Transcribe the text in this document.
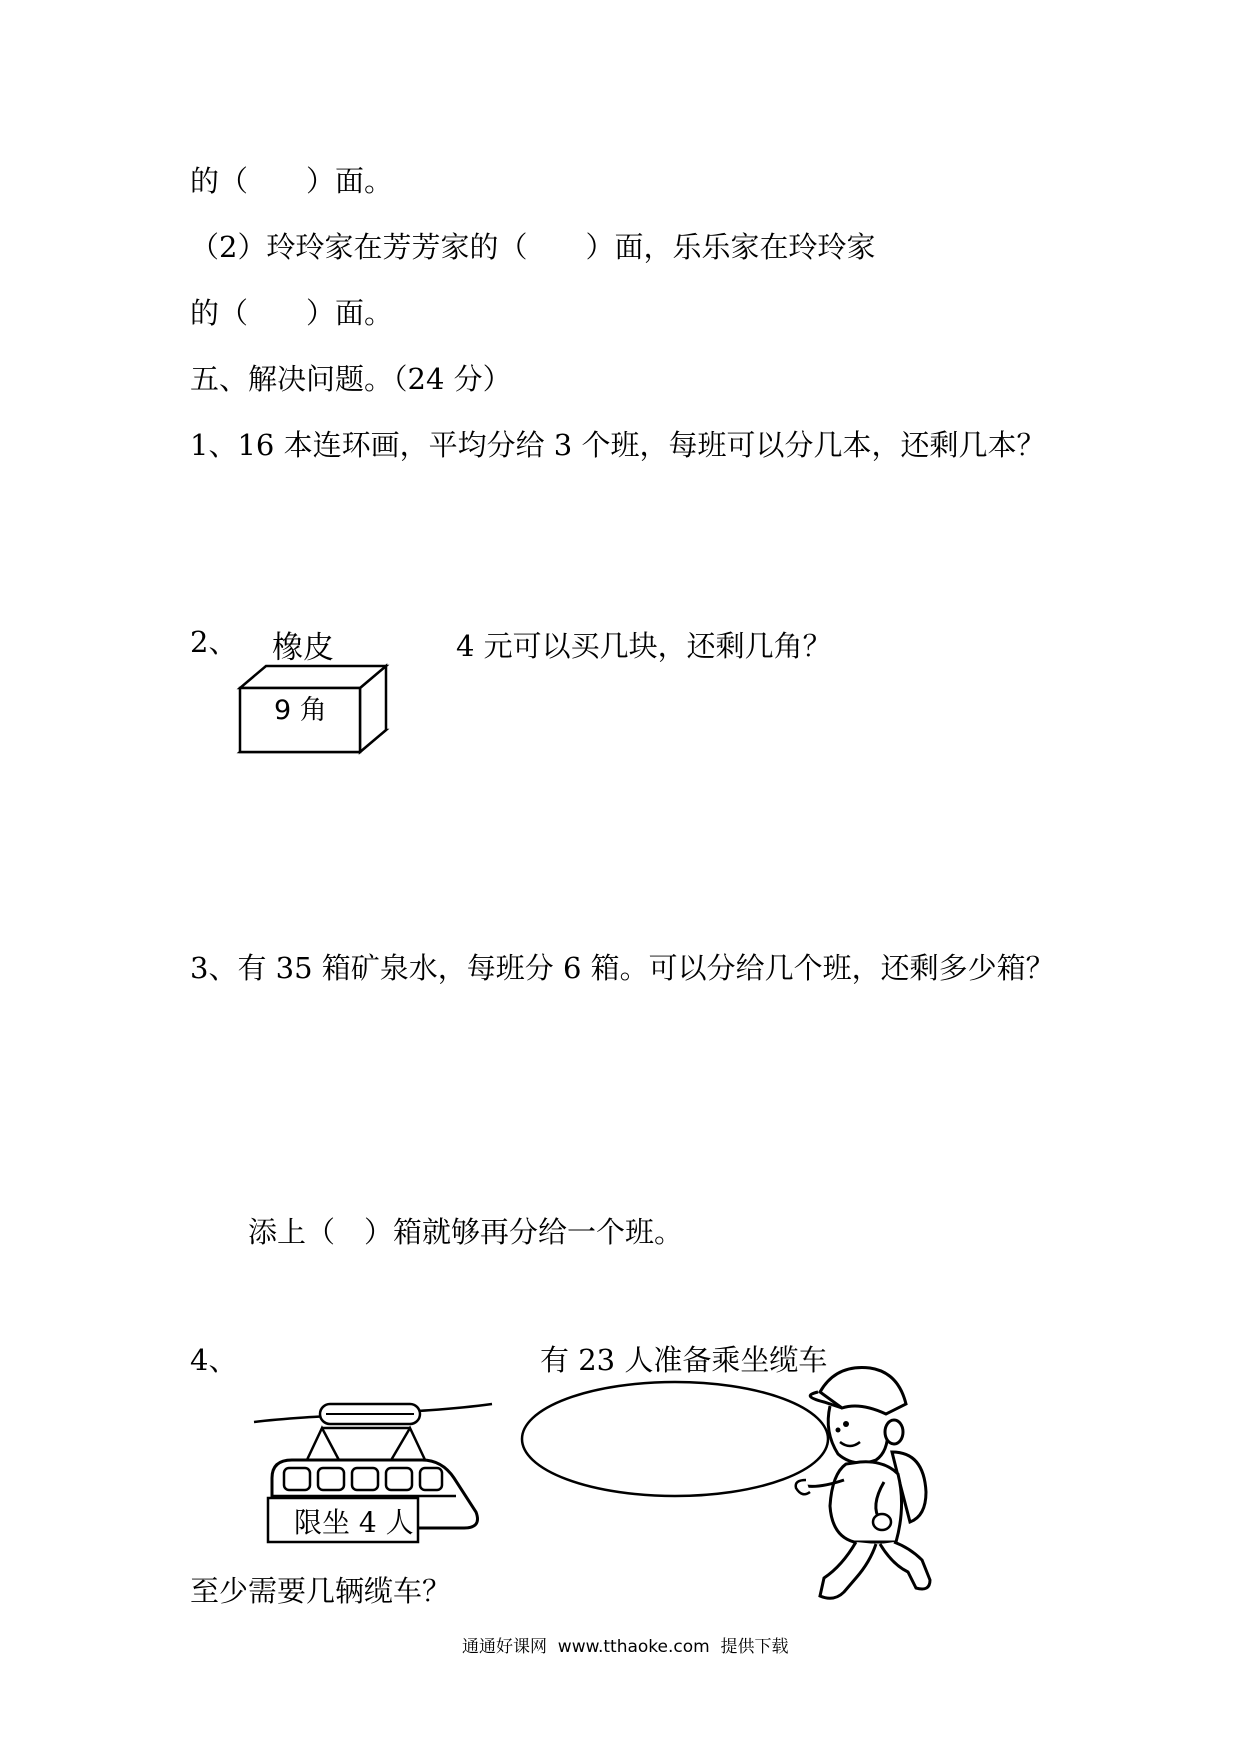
的（　　）面。
（2）玲玲家在芳芳家的（　　）面，乐乐家在玲玲家
的（　　）面。
五、解决问题。（24 分）
1、16 本连环画，平均分给 3 个班，每班可以分几本，还剩几本？
2、 橡皮	4 元可以买几块，还剩几角？
9 角
3、有 35 箱矿泉水，每班分 6 箱。可以分给几个班，还剩多少箱？
添上（　）箱就够再分给一个班。
4、	有 23 人准备乘坐缆车
限坐 4 人
至少需要几辆缆车？
通通好课网  www.tthaoke.com  提供下载
